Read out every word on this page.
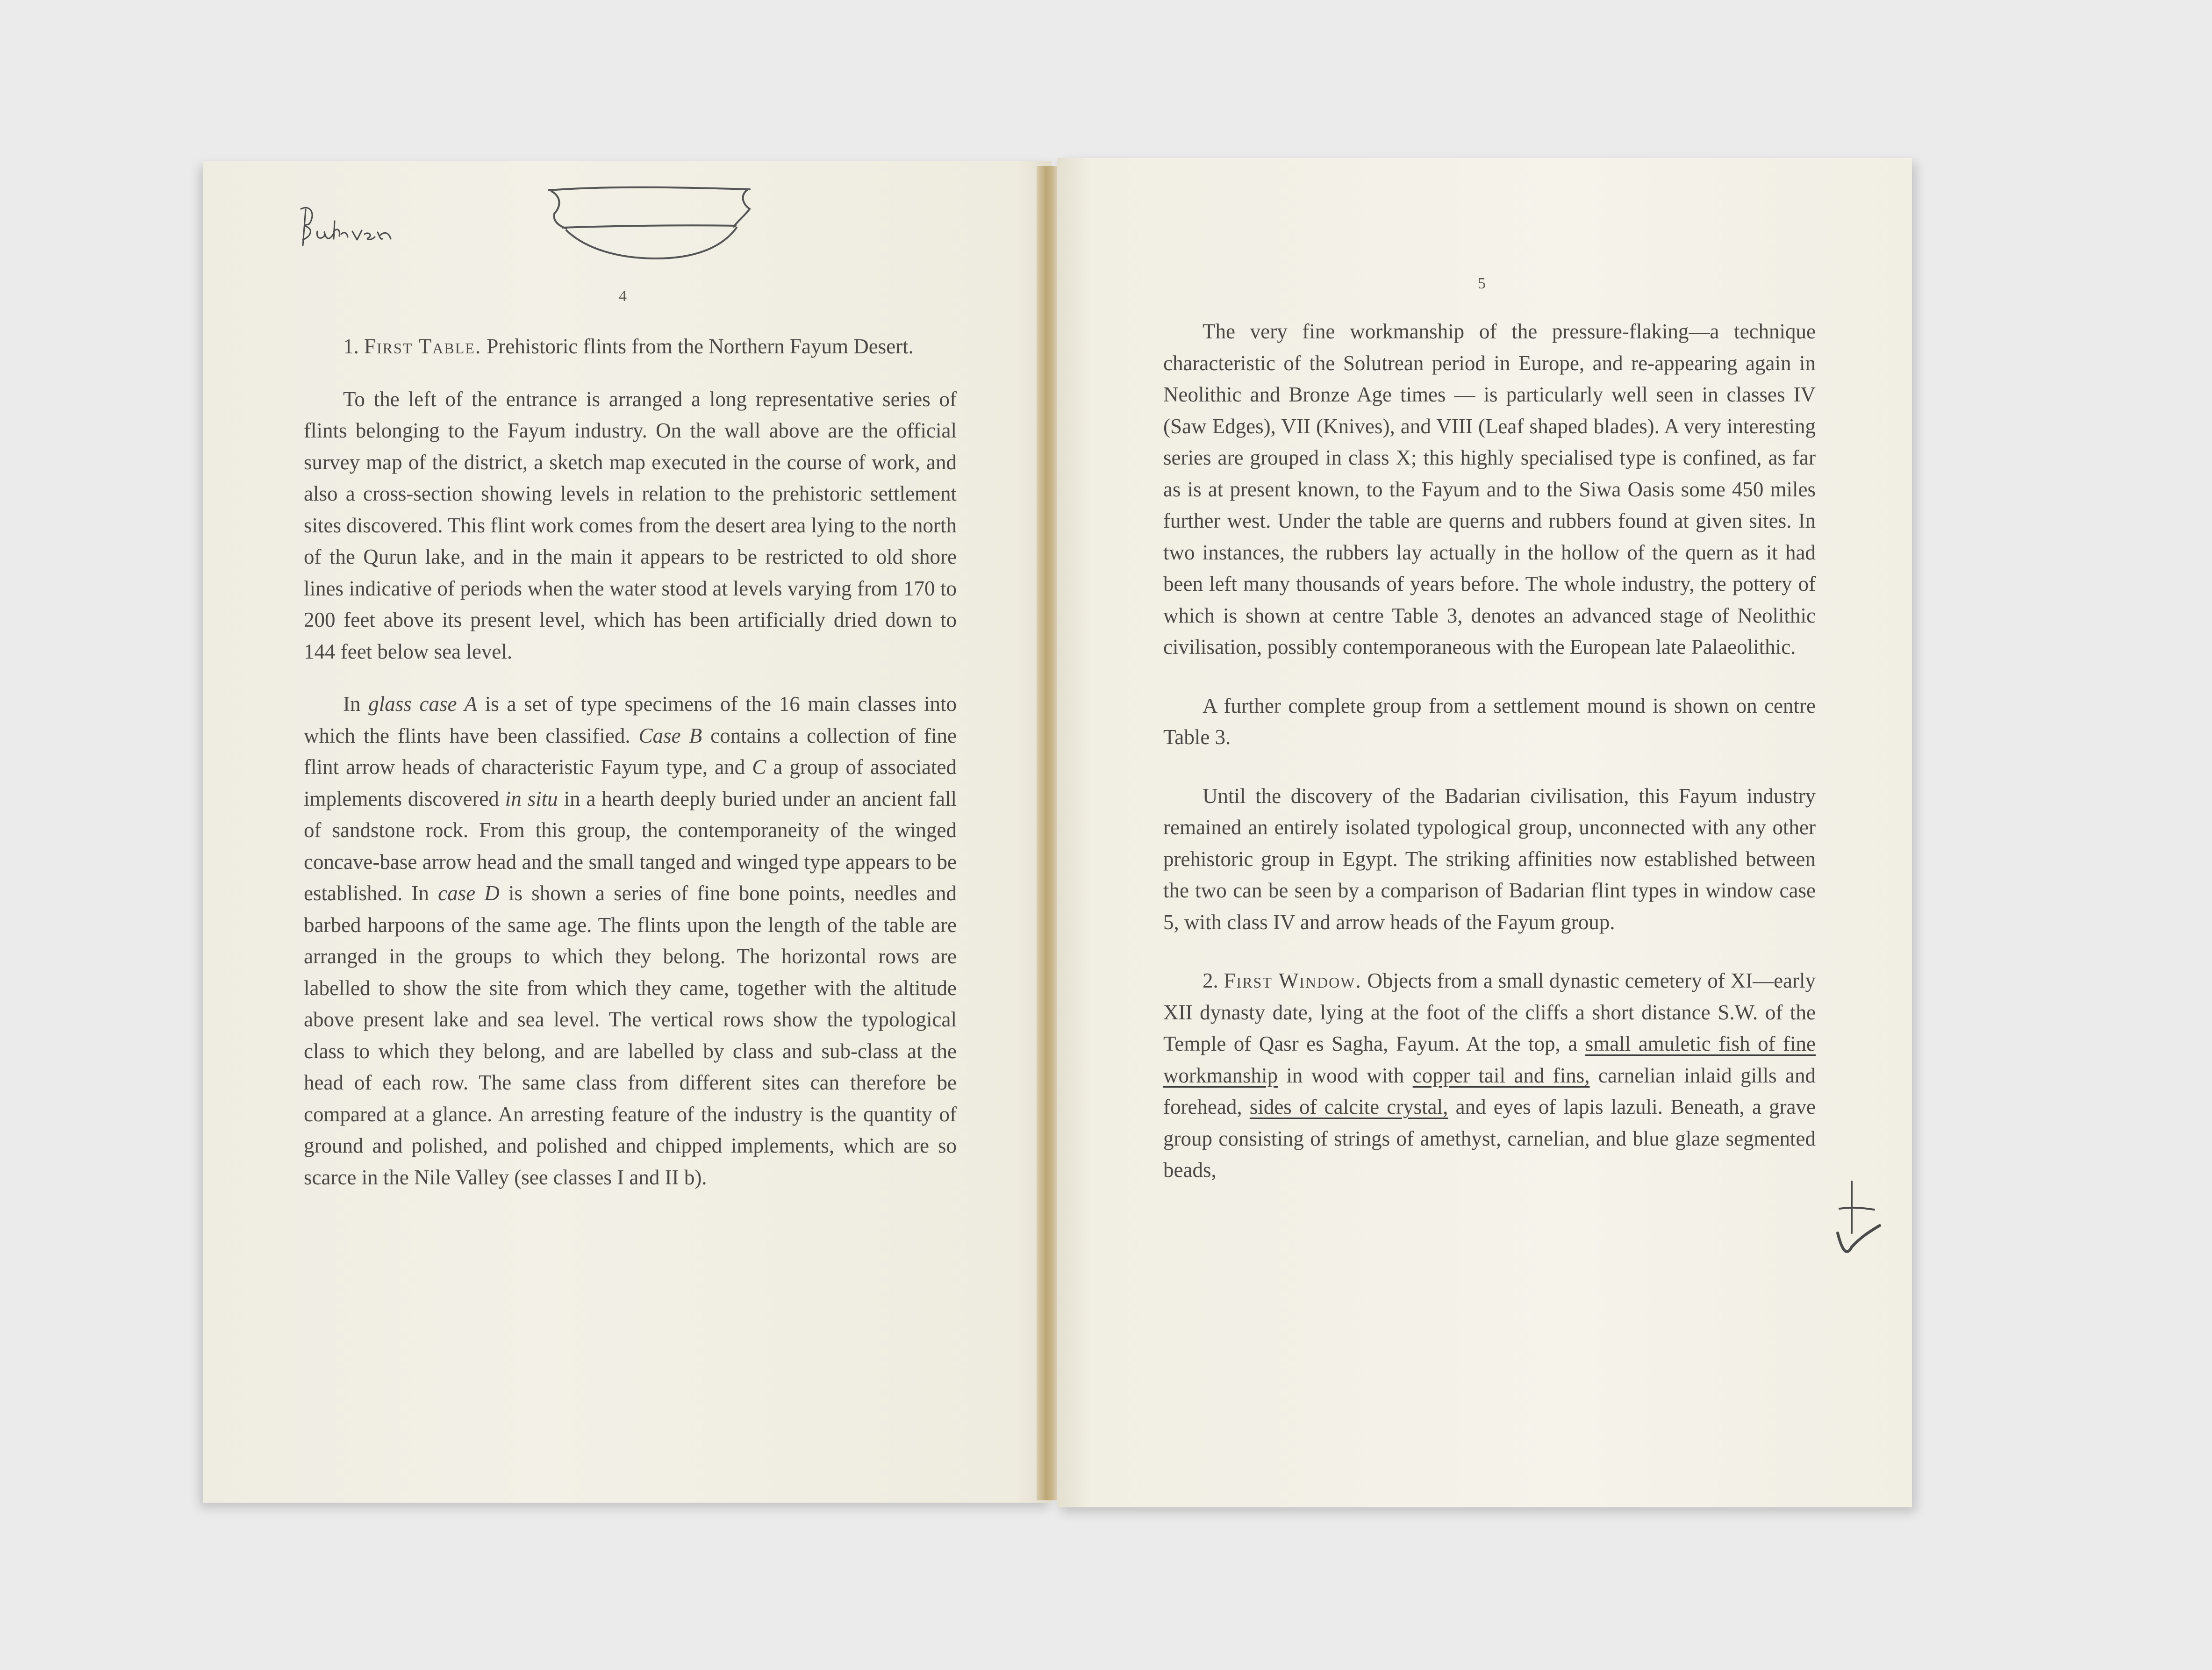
4

1. First Table. Prehistoric flints from the Northern Fayum Desert.

To the left of the entrance is arranged a long representative series of flints belonging to the Fayum industry. On the wall above are the official survey map of the district, a sketch map executed in the course of work, and also a cross-section showing levels in relation to the prehistoric settlement sites discovered. This flint work comes from the desert area lying to the north of the Qurun lake, and in the main it appears to be restricted to old shore lines indicative of periods when the water stood at levels varying from 170 to 200 feet above its present level, which has been artificially dried down to 144 feet below sea level.

In glass case A is a set of type specimens of the 16 main classes into which the flints have been classified. Case B contains a collection of fine flint arrow heads of characteristic Fayum type, and C a group of associated implements discovered in situ in a hearth deeply buried under an ancient fall of sandstone rock. From this group, the contemporaneity of the winged concave-base arrow head and the small tanged and winged type appears to be established. In case D is shown a series of fine bone points, needles and barbed harpoons of the same age. The flints upon the length of the table are arranged in the groups to which they belong. The horizontal rows are labelled to show the site from which they came, together with the altitude above present lake and sea level. The vertical rows show the typological class to which they belong, and are labelled by class and sub-class at the head of each row. The same class from different sites can therefore be compared at a glance. An arresting feature of the industry is the quantity of ground and polished, and polished and chipped implements, which are so scarce in the Nile Valley (see classes I and II b).

5

The very fine workmanship of the pressure-flaking—a technique characteristic of the Solutrean period in Europe, and re-appearing again in Neolithic and Bronze Age times — is particularly well seen in classes IV (Saw Edges), VII (Knives), and VIII (Leaf shaped blades). A very interesting series are grouped in class X; this highly specialised type is confined, as far as is at present known, to the Fayum and to the Siwa Oasis some 450 miles further west. Under the table are querns and rubbers found at given sites. In two instances, the rubbers lay actually in the hollow of the quern as it had been left many thousands of years before. The whole industry, the pottery of which is shown at centre Table 3, denotes an advanced stage of Neolithic civilisation, possibly contemporaneous with the European late Palaeolithic.

A further complete group from a settlement mound is shown on centre Table 3.

Until the discovery of the Badarian civilisation, this Fayum industry remained an entirely isolated typological group, unconnected with any other prehistoric group in Egypt. The striking affinities now established between the two can be seen by a comparison of Badarian flint types in window case 5, with class IV and arrow heads of the Fayum group.

2. First Window. Objects from a small dynastic cemetery of XI—early XII dynasty date, lying at the foot of the cliffs a short distance S.W. of the Temple of Qasr es Sagha, Fayum. At the top, a small amuletic fish of fine workmanship in wood with copper tail and fins, carnelian inlaid gills and forehead, sides of calcite crystal, and eyes of lapis lazuli. Beneath, a grave group consisting of strings of amethyst, carnelian, and blue glaze segmented beads,
